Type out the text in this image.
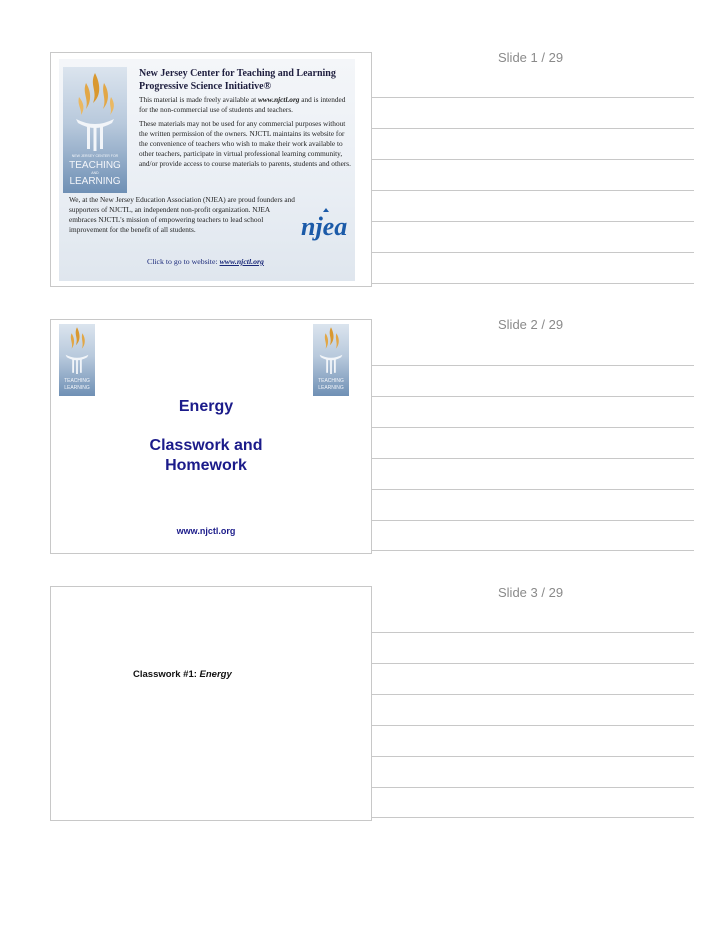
NEW JERSEY CENTER FOR
TEACHING
AND
LEARNING
New Jersey Center for Teaching and Learning Progressive Science Initiative®
This material is made freely available at www.njctl.org and is intended for the non-commercial use of students and teachers.
These materials may not be used for any commercial purposes without the written permission of the owners. NJCTL maintains its website for the convenience of teachers who wish to make their work available to other teachers, participate in virtual professional learning community, and/or provide access to course materials to parents, students and others.
We, at the New Jersey Education Association (NJEA) are proud founders and supporters of NJCTL, an independent non-profit organization. NJEA embraces NJCTL's mission of empowering teachers to lead school improvement for the benefit of all students.	njea
Click to go to website: www.njctl.org
Slide 1 / 29
TEACHING
LEARNING
TEACHING
LEARNING
Energy
Classwork and
Homework
www.njctl.org
Slide 2 / 29
Classwork #1: Energy
Slide 3 / 29
